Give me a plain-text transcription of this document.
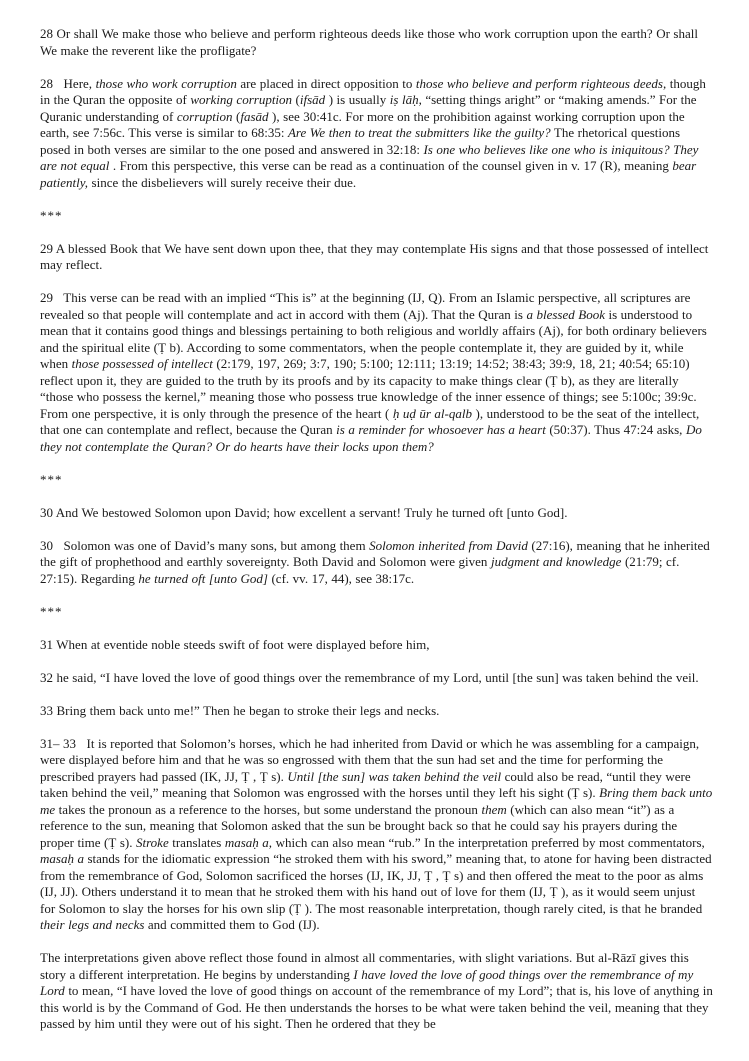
28 Or shall We make those who believe and perform righteous deeds like those who work corruption upon the earth? Or shall We make the reverent like the profligate?

28   Here, those who work corruption are placed in direct opposition to those who believe and perform righteous deeds, though in the Quran the opposite of working corruption (ifsād ) is usually iṣ lāḥ, “setting things aright” or “making amends.” For the Quranic understanding of corruption (fasād ), see 30:41c. For more on the prohibition against working corruption upon the earth, see 7:56c. This verse is similar to 68:35: Are We then to treat the submitters like the guilty? The rhetorical questions posed in both verses are similar to the one posed and answered in 32:18: Is one who believes like one who is iniquitous? They are not equal . From this perspective, this verse can be read as a continuation of the counsel given in v. 17 (R), meaning bear patiently, since the disbelievers will surely receive their due.

***

29 A blessed Book that We have sent down upon thee, that they may contemplate His signs and that those possessed of intellect may reflect.

29   This verse can be read with an implied “This is” at the beginning (IJ, Q). From an Islamic perspective, all scriptures are revealed so that people will contemplate and act in accord with them (Aj). That the Quran is a blessed Book is understood to mean that it contains good things and blessings pertaining to both religious and worldly affairs (Aj), for both ordinary believers and the spiritual elite (Ṭ b). According to some commentators, when the people contemplate it, they are guided by it, while when those possessed of intellect (2:179, 197, 269; 3:7, 190; 5:100; 12:111; 13:19; 14:52; 38:43; 39:9, 18, 21; 40:54; 65:10) reflect upon it, they are guided to the truth by its proofs and by its capacity to make things clear (Ṭ b), as they are literally “those who possess the kernel,” meaning those who possess true knowledge of the inner essence of things; see 5:100c; 39:9c. From one perspective, it is only through the presence of the heart ( ḥ uḍ ūr al-qalb ), understood to be the seat of the intellect, that one can contemplate and reflect, because the Quran is a reminder for whosoever has a heart (50:37). Thus 47:24 asks, Do they not contemplate the Quran? Or do hearts have their locks upon them?

***

30 And We bestowed Solomon upon David; how excellent a servant! Truly he turned oft [unto God].

30   Solomon was one of David’s many sons, but among them Solomon inherited from David (27:16), meaning that he inherited the gift of prophethood and earthly sovereignty. Both David and Solomon were given judgment and knowledge (21:79; cf. 27:15). Regarding he turned oft [unto God] (cf. vv. 17, 44), see 38:17c.

***

31 When at eventide noble steeds swift of foot were displayed before him,

32 he said, “I have loved the love of good things over the remembrance of my Lord, until [the sun] was taken behind the veil.

33 Bring them back unto me!” Then he began to stroke their legs and necks.

31– 33   It is reported that Solomon’s horses, which he had inherited from David or which he was assembling for a campaign, were displayed before him and that he was so engrossed with them that the sun had set and the time for performing the prescribed prayers had passed (IK, JJ, Ṭ , Ṭ s). Until [the sun] was taken behind the veil could also be read, “until they were taken behind the veil,” meaning that Solomon was engrossed with the horses until they left his sight (Ṭ s). Bring them back unto me takes the pronoun as a reference to the horses, but some understand the pronoun them (which can also mean “it”) as a reference to the sun, meaning that Solomon asked that the sun be brought back so that he could say his prayers during the proper time (Ṭ s). Stroke translates masaḥ a, which can also mean “rub.” In the interpretation preferred by most commentators, masaḥ a stands for the idiomatic expression “he stroked them with his sword,” meaning that, to atone for having been distracted from the remembrance of God, Solomon sacrificed the horses (IJ, IK, JJ, Ṭ , Ṭ s) and then offered the meat to the poor as alms (IJ, JJ). Others understand it to mean that he stroked them with his hand out of love for them (IJ, Ṭ ), as it would seem unjust for Solomon to slay the horses for his own slip (Ṭ ). The most reasonable interpretation, though rarely cited, is that he branded their legs and necks and committed them to God (IJ).

The interpretations given above reflect those found in almost all commentaries, with slight variations. But al-Rāzī gives this story a different interpretation. He begins by understanding I have loved the love of good things over the remembrance of my Lord to mean, “I have loved the love of good things on account of the remembrance of my Lord”; that is, his love of anything in this world is by the Command of God. He then understands the horses to be what were taken behind the veil, meaning that they passed by him until they were out of his sight. Then he ordered that they be
